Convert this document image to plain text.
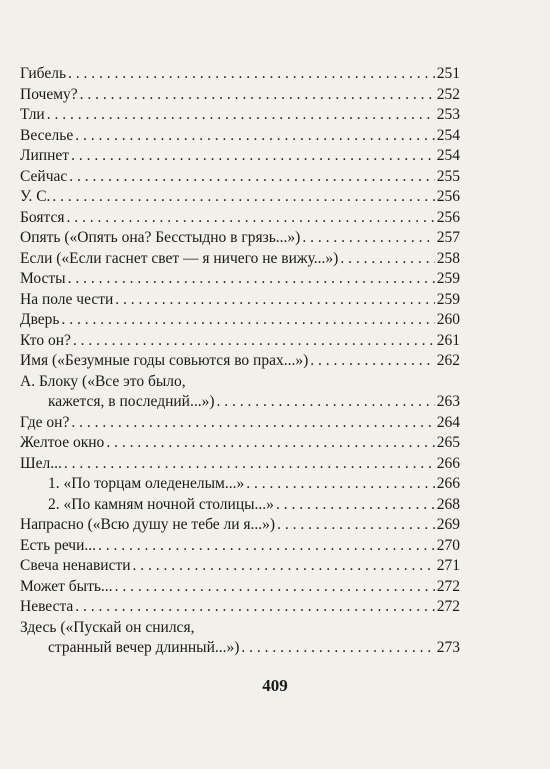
Гибель . . .	251
Почему? . . .	252
Тли . . .	253
Веселье . . .	254
Липнет . . .	254
Сейчас . . .	255
У. С. . . .	256
Боятся . . .	256
Опять («Опять она? Бесстыдно в грязь...») . . .	257
Если («Если гаснет свет — я ничего не вижу...») . . .	258
Мосты . . .	259
На поле чести . . .	259
Дверь . . .	260
Кто он? . . .	261
Имя («Безумные годы совьются во прах...») . . .	262
А. Блоку («Все это было,
кажется, в последний...») . . .	263
Где он? . . .	264
Желтое окно . . .	265
Шел... . . .	266
1. «По торцам оледенелым...» . . .	266
2. «По камням ночной столицы...» . . .	268
Напрасно («Всю душу не тебе ли я...») . . .	269
Есть речи... . . .	270
Свеча ненависти . . .	271
Может быть... . . .	272
Невеста . . .	272
Здесь («Пускай он снился,
странный вечер длинный...») . . .	273
409
